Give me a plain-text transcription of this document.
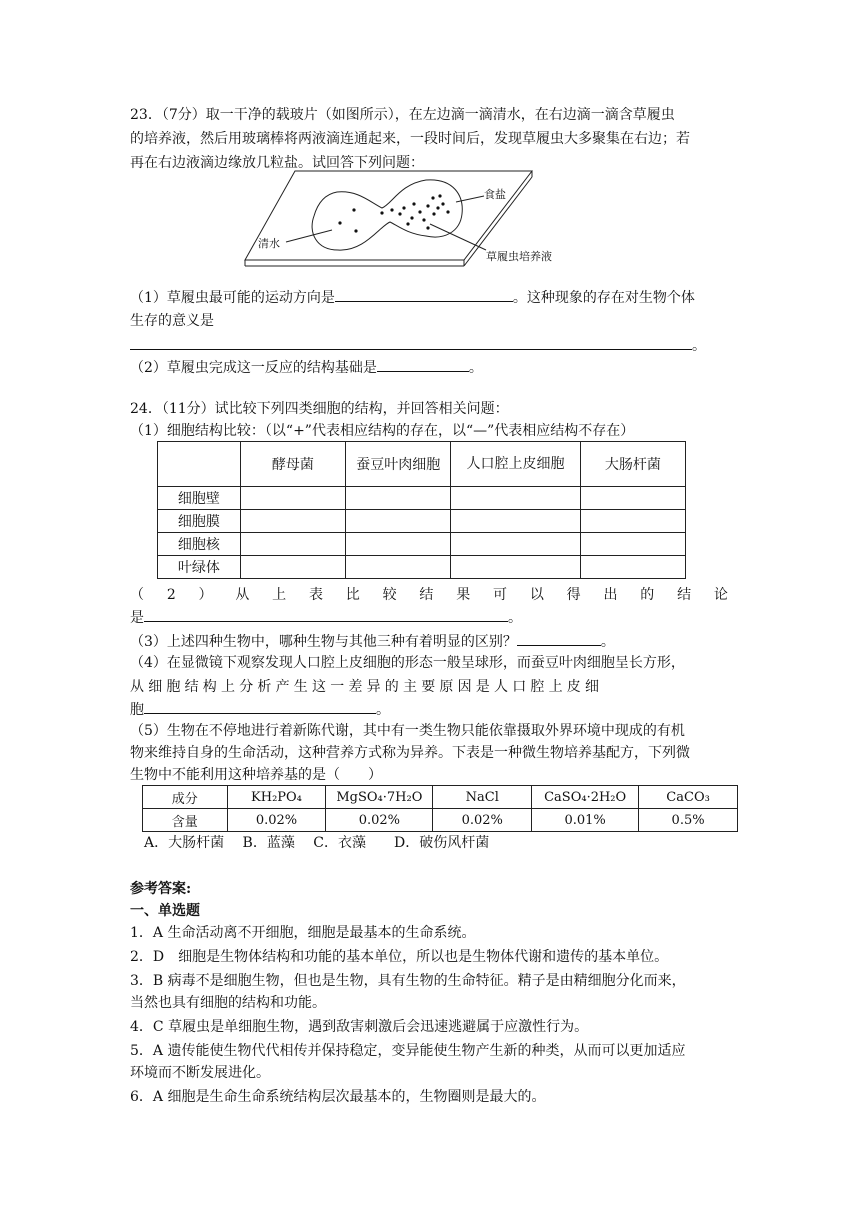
23．（7分）取一干净的载玻片（如图所示），在左边滴一滴清水，在右边滴一滴含草履虫
的培养液，然后用玻璃棒将两液滴连通起来，一段时间后，发现草履虫大多聚集在右边；若
再在右边液滴边缘放几粒盐。试回答下列问题：
食盐
清水
草履虫培养液
（1）草履虫最可能的运动方向是	。这种现象的存在对生物个体
生存的意义是
。
（2）草履虫完成这一反应的结构基础是	。
24．（11分）试比较下列四类细胞的结构，并回答相关问题：
（1）细胞结构比较：（以“+”代表相应结构的存在，以“—”代表相应结构不存在）
	酵母菌	蚕豆叶肉细胞	人口腔上皮细胞	大肠杆菌
细胞壁				
细胞膜				
细胞核				
叶绿体				
（ 2 ） 从 上 表 比 较 结 果 可 以 得 出 的 结 论
是	。
（3）上述四种生物中，哪种生物与其他三种有着明显的区别？	。
（4）在显微镜下观察发现人口腔上皮细胞的形态一般呈球形，而蚕豆叶肉细胞呈长方形，
从细胞结构上分析产生这一差异的主要原因是人口腔上皮细
胞	。
（5）生物在不停地进行着新陈代谢，其中有一类生物只能依靠摄取外界环境中现成的有机
物来维持自身的生命活动，这种营养方式称为异养。下表是一种微生物培养基配方，下列微
生物中不能利用这种培养基的是（　　）
成分	KH₂PO₄	MgSO₄·7H₂O	NaCl	CaSO₄·2H₂O	CaCO₃
含量	0.02%	0.02%	0.02%	0.01%	0.5%
A．大肠杆菌　 B．蓝藻　 C．衣藻　　D．破伤风杆菌
参考答案:
一、单选题
1．A 生命活动离不开细胞，细胞是最基本的生命系统。
2．D　细胞是生物体结构和功能的基本单位，所以也是生物体代谢和遗传的基本单位。
3．B 病毒不是细胞生物，但也是生物，具有生物的生命特征。精子是由精细胞分化而来，
当然也具有细胞的结构和功能。
4．C 草履虫是单细胞生物，遇到敌害刺激后会迅速逃避属于应激性行为。
5．A 遗传能使生物代代相传并保持稳定，变异能使生物产生新的种类，从而可以更加适应
环境而不断发展进化。
6．A 细胞是生命生命系统结构层次最基本的，生物圈则是最大的。
